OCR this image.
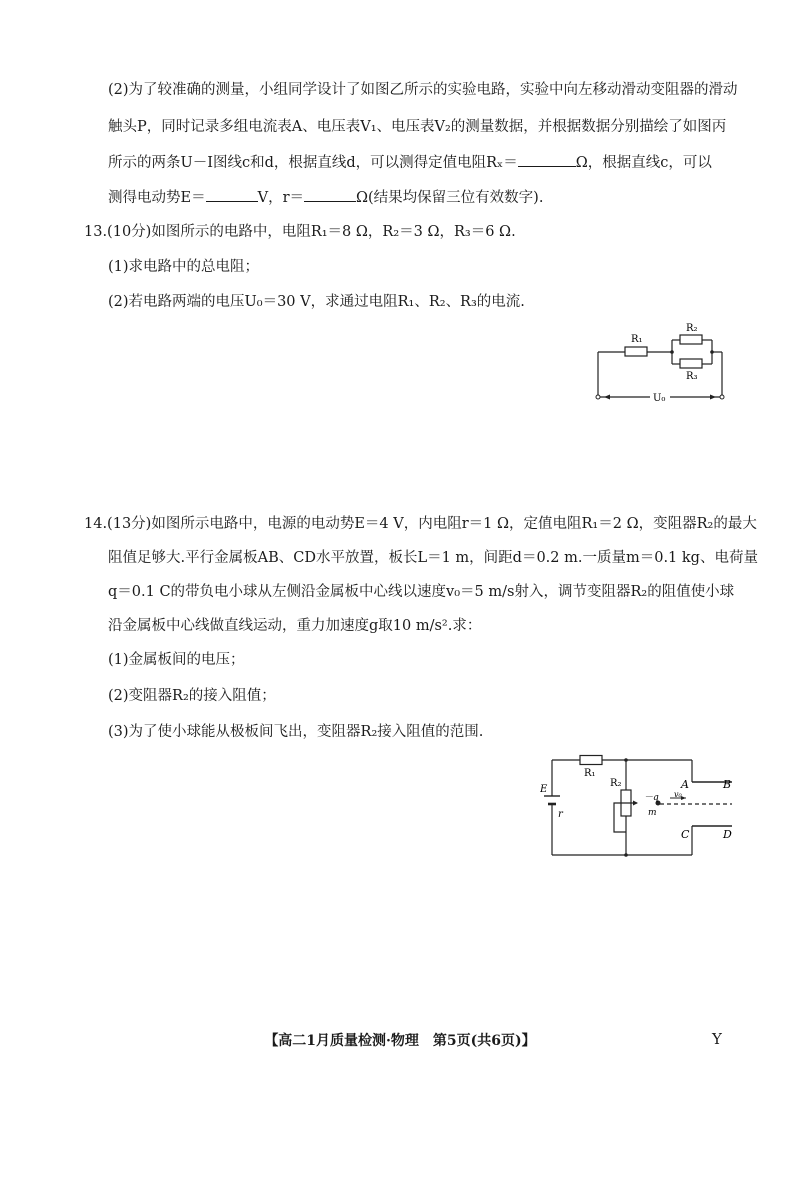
(2)为了较准确的测量，小组同学设计了如图乙所示的实验电路，实验中向左移动滑动变阻器的滑动
触头P，同时记录多组电流表A、电压表V₁、电压表V₂的测量数据，并根据数据分别描绘了如图丙
所示的两条U－I图线c和d，根据直线d，可以测得定值电阻Rₓ＝	Ω，根据直线c，可以
测得电动势E＝	V，r＝	Ω(结果均保留三位有效数字).
13.(10分)如图所示的电路中，电阻R₁＝8 Ω，R₂＝3 Ω，R₃＝6 Ω.
(1)求电路中的总电阻；
(2)若电路两端的电压U₀＝30 V，求通过电阻R₁、R₂、R₃的电流.
R₁
R₂
R₃
U₀
14.(13分)如图所示电路中，电源的电动势E＝4 V，内电阻r＝1 Ω，定值电阻R₁＝2 Ω，变阻器R₂的最大
阻值足够大.平行金属板AB、CD水平放置，板长L＝1 m，间距d＝0.2 m.一质量m＝0.1 kg、电荷量
q＝0.1 C的带负电小球从左侧沿金属板中心线以速度v₀＝5 m/s射入，调节变阻器R₂的阻值使小球
沿金属板中心线做直线运动，重力加速度g取10 m/s².求：
(1)金属板间的电压；
(2)变阻器R₂的接入阻值；
(3)为了使小球能从极板间飞出，变阻器R₂接入阻值的范围.
E
r
R₁
R₂	A	B
C	D
－q
m
v₀
【高二1月质量检测·物理　第5页(共6页)】	Y
